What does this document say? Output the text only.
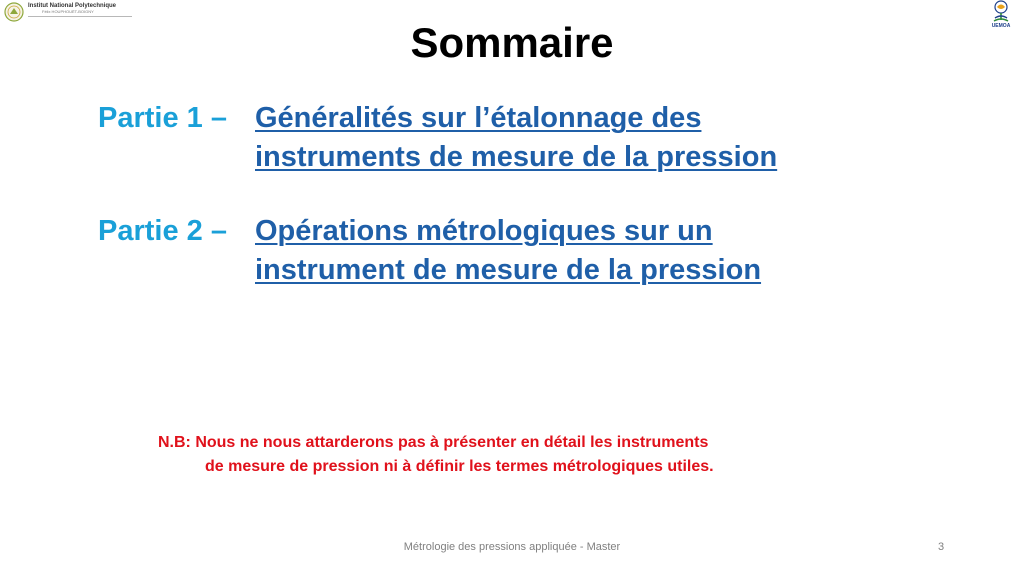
Institut National Polytechnique
Félix HOUPHOUËT-BOIGNY
UEMOA
Sommaire
Partie 1 – Généralités sur l’étalonnage des
instruments de mesure de la pression
Partie 2 – Opérations métrologiques sur un
instrument de mesure de la pression
N.B: Nous ne nous attarderons pas à présenter en détail les instruments
de mesure de pression ni à définir les termes métrologiques utiles.
Métrologie des pressions appliquée - Master	3
